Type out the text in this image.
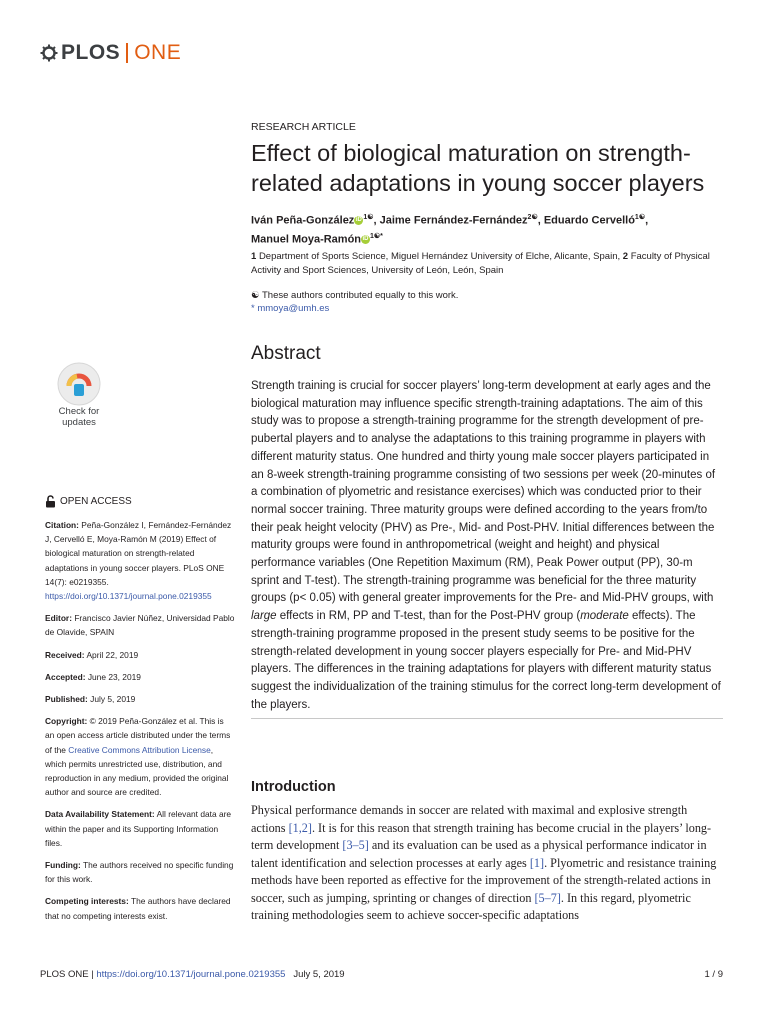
PLOS ONE
RESEARCH ARTICLE
Effect of biological maturation on strength-related adaptations in young soccer players
Iván Peña-González iD $^{1☯}$, Jaime Fernández-Fernández$^{2☯}$, Eduardo Cervelló$^{1☯}$,
Manuel Moya-Ramón iD $^{1☯*}$
1 Department of Sports Science, Miguel Hernández University of Elche, Alicante, Spain, 2 Faculty of Physical Activity and Sport Sciences, University of León, León, Spain
☯ These authors contributed equally to this work.
* mmoya@umh.es
Abstract
Strength training is crucial for soccer players’ long-term development at early ages and the biological maturation may influence specific strength-training adaptations. The aim of this study was to propose a strength-training programme for the strength development of pre-pubertal players and to analyse the adaptations to this training programme in players with different maturity status. One hundred and thirty young male soccer players participated in an 8-week strength-training programme consisting of two sessions per week (20-minutes of a combination of plyometric and resistance exercises) which was conducted prior to their normal soccer training. Three maturity groups were defined according to the years from/to their peak height velocity (PHV) as Pre-, Mid- and Post-PHV. Initial differences between the maturity groups were found in anthropometrical (weight and height) and physical performance variables (One Repetition Maximum (RM), Peak Power output (PP), 30-m sprint and T-test). The strength-training programme was beneficial for the three maturity groups (p< 0.05) with general greater improvements for the Pre- and Mid-PHV groups, with large effects in RM, PP and T-test, than for the Post-PHV group (moderate effects). The strength-training programme proposed in the present study seems to be positive for the strength-related development in young soccer players especially for Pre- and Mid-PHV players. The differences in the training adaptations for players with different maturity status suggest the individualization of the training stimulus for the correct long-term development of the players.
Introduction
Physical performance demands in soccer are related with maximal and explosive strength actions [1,2]. It is for this reason that strength training has become crucial in the players’ long-term development [3–5] and its evaluation can be used as a physical performance indicator in talent identification and selection processes at early ages [1]. Plyometric and resistance training methods have been reported as effective for the improvement of the strength-related actions in soccer, such as jumping, sprinting or changes of direction [5–7]. In this regard, plyometric training methodologies seem to achieve soccer-specific adaptations
Check for updates
OPEN ACCESS

Citation: Peña-González I, Fernández-Fernández J, Cervelló E, Moya-Ramón M (2019) Effect of biological maturation on strength-related adaptations in young soccer players. PLoS ONE 14(7): e0219355. https://doi.org/10.1371/journal.pone.0219355

Editor: Francisco Javier Núñez, Universidad Pablo de Olavide, SPAIN

Received: April 22, 2019

Accepted: June 23, 2019

Published: July 5, 2019

Copyright: © 2019 Peña-González et al. This is an open access article distributed under the terms of the Creative Commons Attribution License, which permits unrestricted use, distribution, and reproduction in any medium, provided the original author and source are credited.

Data Availability Statement: All relevant data are within the paper and its Supporting Information files.

Funding: The authors received no specific funding for this work.

Competing interests: The authors have declared that no competing interests exist.

PLOS ONE | https://doi.org/10.1371/journal.pone.0219355 July 5, 2019	1 / 9
